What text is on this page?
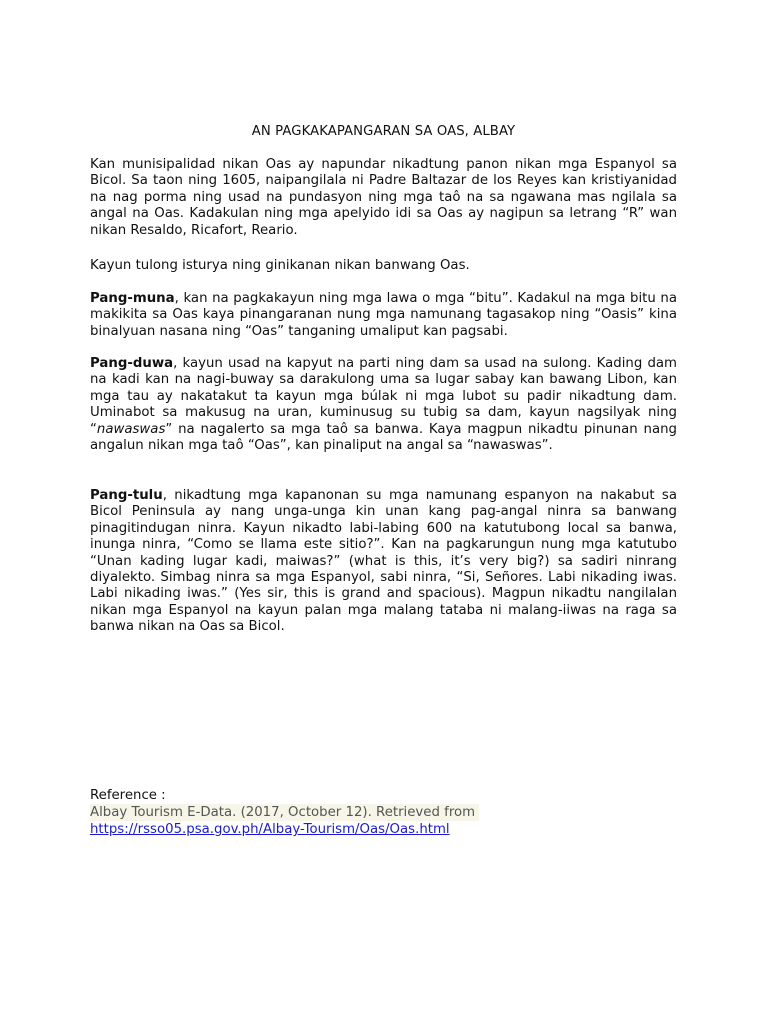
AN PAGKAKAPANGARAN SA OAS, ALBAY

Kan munisipalidad nikan Oas ay napundar nikadtung panon nikan mga Espanyol sa Bicol. Sa taon ning 1605, naipangilala ni Padre Baltazar de los Reyes kan kristiyanidad na nag porma ning usad na pundasyon ning mga taô na sa ngawana mas ngilala sa angal na Oas. Kadakulan ning mga apelyido idi sa Oas ay nagipun sa letrang “R” wan nikan Resaldo, Ricafort, Reario.

Kayun tulong isturya ning ginikanan nikan banwang Oas.

Pang-muna, kan na pagkakayun ning mga lawa o mga “bitu”. Kadakul na mga bitu na makikita sa Oas kaya pinangaranan nung mga namunang tagasakop ning “Oasis” kina binalyuan nasana ning “Oas” tanganing umaliput kan pagsabi.

Pang-duwa, kayun usad na kapyut na parti ning dam sa usad na sulong. Kading dam na kadi kan na nagi-buway sa darakulong uma sa lugar sabay kan bawang Libon, kan mga tau ay nakatakut ta kayun mga búlak ni mga lubot su padir nikadtung dam. Uminabot sa makusug na uran, kuminusug su tubig sa dam, kayun nagsilyak ning “nawaswas” na nagalerto sa mga taô sa banwa. Kaya magpun nikadtu pinunan nang angalun nikan mga taô “Oas”, kan pinaliput na angal sa “nawaswas”.

Pang-tulu, nikadtung mga kapanonan su mga namunang espanyon na nakabut sa Bicol Peninsula ay nang unga-unga kin unan kang pag-angal ninra sa banwang pinagitindugan ninra. Kayun nikadto labi-labing 600 na katutubong local sa banwa, inunga ninra, “Como se llama este sitio?”. Kan na pagkarungun nung mga katutubo “Unan kading lugar kadi, maiwas?” (what is this, it’s very big?) sa sadiri ninrang diyalekto. Simbag ninra sa mga Espanyol, sabi ninra, “Si, Señores. Labi nikading iwas. Labi nikading iwas.” (Yes sir, this is grand and spacious). Magpun nikadtu nangilalan nikan mga Espanyol na kayun palan mga malang tataba ni malang-iiwas na raga sa banwa nikan na Oas sa Bicol.

Reference :

Albay Tourism E-Data. (2017, October 12). Retrieved from

https://rsso05.psa.gov.ph/Albay-Tourism/Oas/Oas.html
